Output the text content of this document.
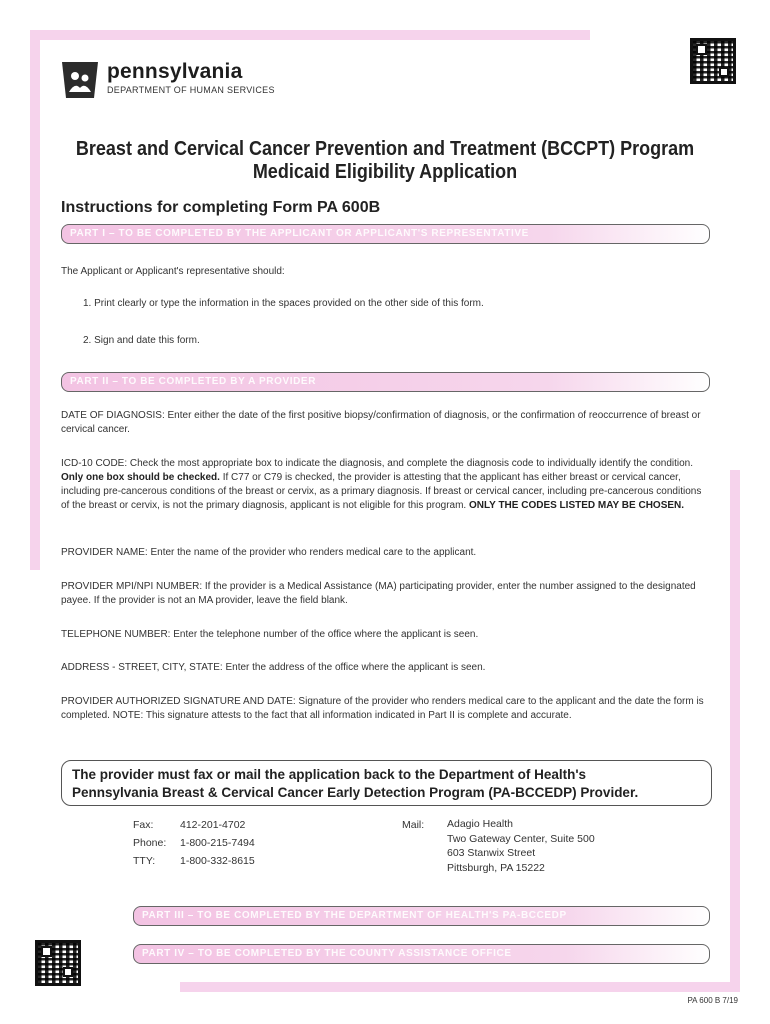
pennsylvania
DEPARTMENT OF HUMAN SERVICES
Breast and Cervical Cancer Prevention and Treatment (BCCPT) Program
Medicaid Eligibility Application
Instructions for completing Form PA 600B
PART I – TO BE COMPLETED BY THE APPLICANT OR APPLICANT'S REPRESENTATIVE
The Applicant or Applicant's representative should:
1. Print clearly or type the information in the spaces provided on the other side of this form.
2. Sign and date this form.
PART II – TO BE COMPLETED BY A PROVIDER
DATE OF DIAGNOSIS: Enter either the date of the first positive biopsy/confirmation of diagnosis, or the confirmation of reoccurrence of breast or cervical cancer.
ICD-10 CODE: Check the most appropriate box to indicate the diagnosis, and complete the diagnosis code to individually identify the condition. Only one box should be checked. If C77 or C79 is checked, the provider is attesting that the applicant has either breast or cervical cancer, including pre-cancerous conditions of the breast or cervix, as a primary diagnosis. If breast or cervical cancer, including pre-cancerous conditions of the breast or cervix, is not the primary diagnosis, applicant is not eligible for this program. ONLY THE CODES LISTED MAY BE CHOSEN.
PROVIDER NAME: Enter the name of the provider who renders medical care to the applicant.
PROVIDER MPI/NPI NUMBER: If the provider is a Medical Assistance (MA) participating provider, enter the number assigned to the designated payee. If the provider is not an MA provider, leave the field blank.
TELEPHONE NUMBER: Enter the telephone number of the office where the applicant is seen.
ADDRESS - STREET, CITY, STATE: Enter the address of the office where the applicant is seen.
PROVIDER AUTHORIZED SIGNATURE AND DATE: Signature of the provider who renders medical care to the applicant and the date the form is completed. NOTE: This signature attests to the fact that all information indicated in Part II is complete and accurate.
The provider must fax or mail the application back to the Department of Health's
Pennsylvania Breast & Cervical Cancer Early Detection Program (PA-BCCEDP) Provider.
Fax:
Phone:
TTY:
412-201-4702
1-800-215-7494
1-800-332-8615
Mail: Adagio Health
Two Gateway Center, Suite 500
603 Stanwix Street
Pittsburgh, PA 15222
PART III – TO BE COMPLETED BY THE DEPARTMENT OF HEALTH'S PA-BCCEDP
PART IV – TO BE COMPLETED BY THE COUNTY ASSISTANCE OFFICE
PA 600 B 7/19
